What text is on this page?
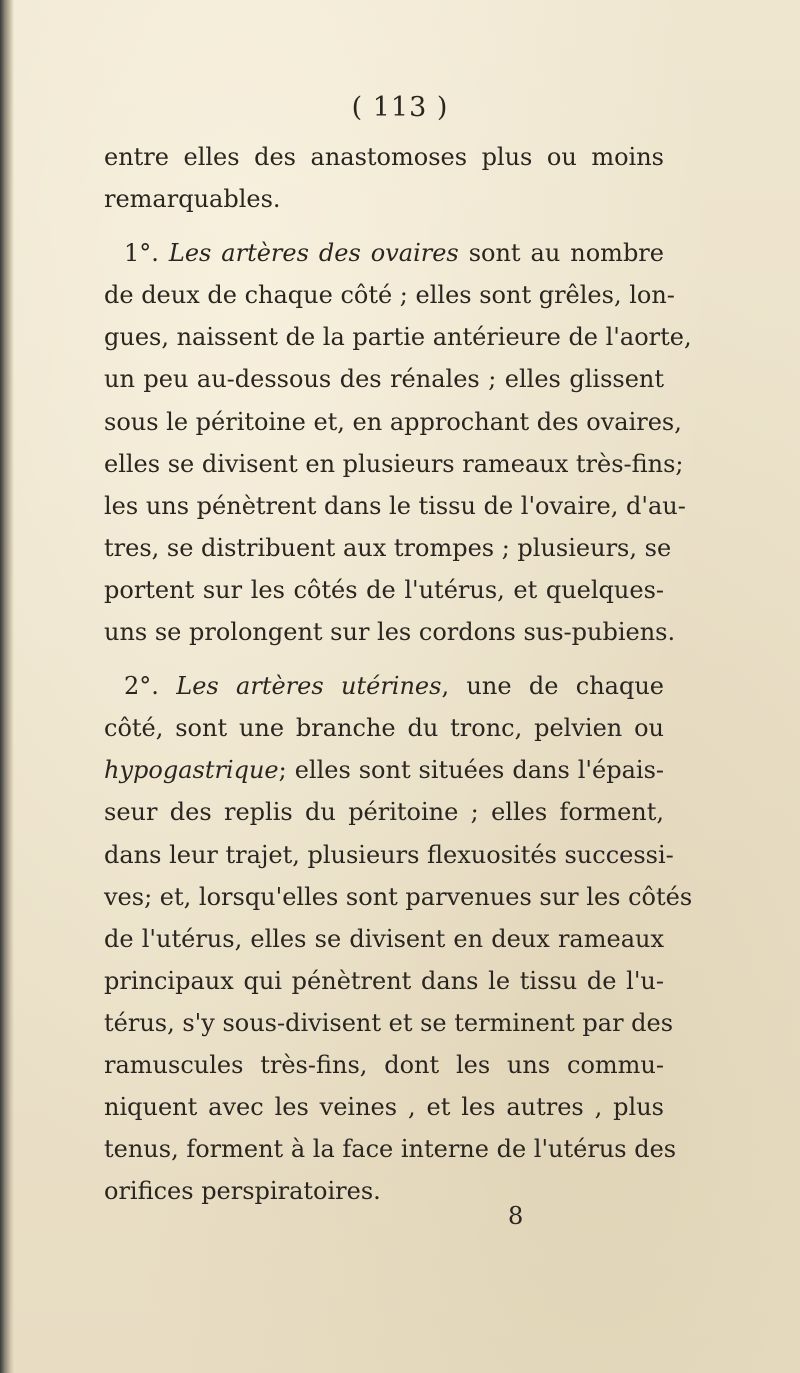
( 113 )
entre elles des anastomoses plus ou moins
remarquables.
1°. Les artères des ovaires sont au nombre
de deux de chaque côté ; elles sont grêles, lon-
gues, naissent de la partie antérieure de l'aorte,
un peu au-dessous des rénales ; elles glissent
sous le péritoine et, en approchant des ovaires,
elles se divisent en plusieurs rameaux très-fins;
les uns pénètrent dans le tissu de l'ovaire, d'au-
tres, se distribuent aux trompes ; plusieurs, se
portent sur les côtés de l'utérus, et quelques-
uns se prolongent sur les cordons sus-pubiens.
2°. Les artères utérines, une de chaque
côté, sont une branche du tronc, pelvien ou
hypogastrique; elles sont situées dans l'épais-
seur des replis du péritoine ; elles forment,
dans leur trajet, plusieurs flexuosités successi-
ves; et, lorsqu'elles sont parvenues sur les côtés
de l'utérus, elles se divisent en deux rameaux
principaux qui pénètrent dans le tissu de l'u-
térus, s'y sous-divisent et se terminent par des
ramuscules très-fins, dont les uns commu-
niquent avec les veines , et les autres , plus
tenus, forment à la face interne de l'utérus des
orifices perspiratoires.
8
